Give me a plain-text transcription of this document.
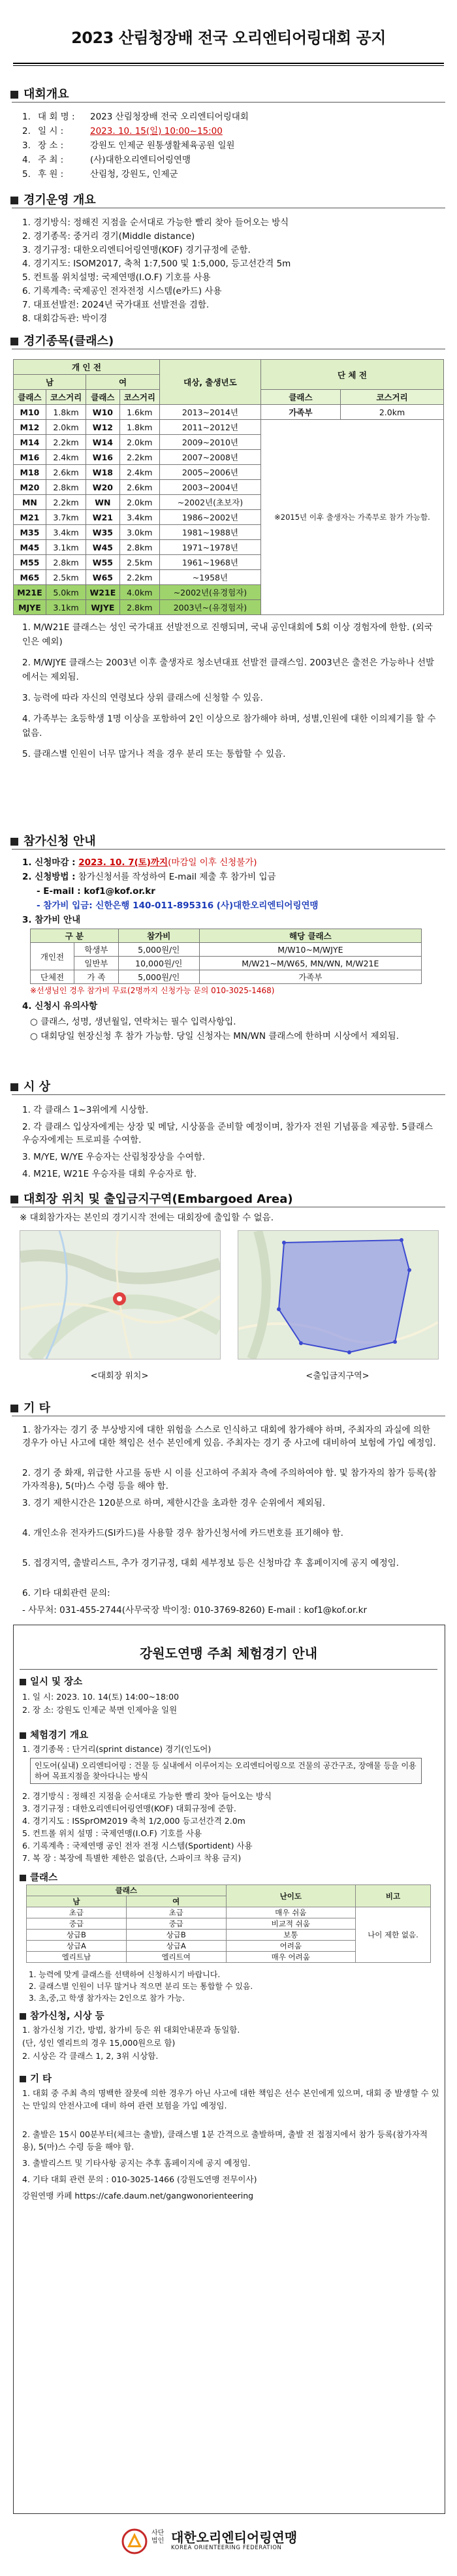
2023 산림청장배 전국 오리엔티어링대회 공지
대회개요
1. 대 회 명 : 2023 산림청장배 전국 오리엔티어링대회
2. 일 시 :	2023. 10. 15(일) 10:00~15:00
3. 장 소 :	강원도 인제군 원통생활체육공원 일원
4. 주 최 :	(사)대한오리엔티어링연맹
5. 후 원 :	산림청, 강원도, 인제군
경기운영 개요
1. 경기방식: 정해진 지점을 순서대로 가능한 빨리 찾아 들어오는 방식
2. 경기종목: 중거리 경기(Middle distance)
3. 경기규정: 대한오리엔티어링연맹(KOF) 경기규정에 준함.
4. 경기지도: ISOM2017, 축척 1:7,500 및 1:5,000, 등고선간격 5m
5. 컨트롤 위치설명: 국제연맹(I.O.F) 기호를 사용
6. 기록계측: 국제공인 전자전정 시스템(e카드) 사용
7. 대표선발전: 2024년 국가대표 선발전을 겸함.
8. 대회감독관: 박이경
경기종목(클래스)
개 인 전				대상, 출생년도	단 체 전	
남		여				
클래스	코스거리	클래스	코스거리		클래스	코스거리
M10	1.8km	W10	1.6km	2013~2014년	가족부	2.0km
M12	2.0km	W12	1.8km	2011~2012년	※2015년 이후 출생자는 가족부로 참가 가능함.	
M14	2.2km	W14	2.0km	2009~2010년		
M16	2.4km	W16	2.2km	2007~2008년		
M18	2.6km	W18	2.4km	2005~2006년		
M20	2.8km	W20	2.6km	2003~2004년		
MN	2.2km	WN	2.0km	~2002년(초보자)		
M21	3.7km	W21	3.4km	1986~2002년		
M35	3.4km	W35	3.0km	1981~1988년		
M45	3.1km	W45	2.8km	1971~1978년		
M55	2.8km	W55	2.5km	1961~1968년		
M65	2.5km	W65	2.2km	~1958년		
M21E	5.0km	W21E	4.0km	~2002년(유경험자)		
MJYE	3.1km	WJYE	2.8km	2003년~(유경험자)		
1. M/W21E 클래스는 성인 국가대표 선발전으로 진행되며, 국내 공인대회에 5회 이상 경험자에 한함. (외국인은 예외)
2. M/WJYE 클래스는 2003년 이후 출생자로 청소년대표 선발전 클래스임. 2003년은 출전은 가능하나 선발에서는 제외됨.
3. 능력에 따라 자신의 연령보다 상위 클래스에 신청할 수 있음.
4. 가족부는 초등학생 1명 이상을 포함하여 2인 이상으로 참가해야 하며, 성별,인원에 대한 이의제기를 할 수 없음.
5. 클래스별 인원이 너무 많거나 적을 경우 분리 또는 통합할 수 있음.
참가신청 안내
1. 신청마감 : 2023. 10. 7(토)까지(마감일 이후 신청불가)
2. 신청방법 : 참가신청서를 작성하여 E-mail 제출 후 참가비 입금
- E-mail : kof1@kof.or.kr
- 참가비 입금: 신한은행 140-011-895316 (사)대한오리엔티어링연맹
3. 참가비 안내
구 분		참가비	해당 클래스
개인전	학생부	5,000원/인	M/W10~M/WJYE
	일반부	10,000원/인	M/W21~M/W65, MN/WN, M/W21E
단체전	가 족	5,000원/인	가족부
※선생님인 경우 참가비 무료(2명까지 신청가능 문의 010-3025-1468)
4. 신청시 유의사항
○ 클래스, 성명, 생년월일, 연락처는 필수 입력사항입.
○ 대회당일 현장신청 후 참가 가능함. 당일 신청자는 MN/WN 클래스에 한하며 시상에서 제외됨.
시 상
1. 각 클래스 1~3위에게 시상함.
2. 각 클래스 입상자에게는 상장 및 메달, 시상품을 준비할 예정이며, 참가자 전원 기념품을 제공함. 5클래스 우승자에게는 트로피를 수여함.
3. M/YE, W/YE 우승자는 산림청장상을 수여함.
4. M21E, W21E 우승자를 대회 우승자로 함.
대회장 위치 및 출입금지구역(Embargoed Area)
※ 대회참가자는 본인의 경기시작 전에는 대회장에 출입할 수 없음.
<대회장 위치>	<출입금지구역>
기 타
1. 참가자는 경기 중 부상방지에 대한 위험을 스스로 인식하고 대회에 참가해야 하며, 주최자의 과실에 의한 경우가 아닌 사고에 대한 책임은 선수 본인에게 있음. 주최자는 경기 중 사고에 대비하여 보험에 가입 예정임.
2. 경기 중 화재, 위급한 사고를 동반 시 이를 신고하여 주최자 측에 주의하여야 함. 및 참가자의 참가 등록(참가자적용), 5(마)스 수령 등을 해야 함.
3. 경기 제한시간은 120분으로 하며, 제한시간을 초과한 경우 순위에서 제외됨.
4. 개인소유 전자카드(SI카드)를 사용할 경우 참가신청서에 카드번호를 표기해야 함.
5. 접경지역, 출발리스트, 추가 경기규정, 대회 세부정보 등은 신청마감 후 홈페이지에 공지 예정임.
6. 기타 대회관련 문의:
- 사무처: 031-455-2744(사무국장 박이정: 010-3769-8260) E-mail : kof1@kof.or.kr
강원도연맹 주최 체험경기 안내
일시 및 장소
1. 일 시: 2023. 10. 14(토) 14:00~18:00
2. 장 소: 강원도 인제군 북면 인제아울 일원
체험경기 개요
1. 경기종목 : 단거리(sprint distance) 경기(인도어)
인도어(실내) 오리엔티어링 : 건물 등 실내에서 이루어지는 오리엔티어링으로 건물의 공간구조, 장애물 등을 이용하여 목표지점을 찾아다니는 방식
2. 경기방식 : 정해진 지점을 순서대로 가능한 빨리 찾아 들어오는 방식
3. 경기규정 : 대한오리엔티어링연맹(KOF) 대회규정에 준함.
4. 경기지도 : ISSprOM2019 축척 1/2,000 등고선간격 2.0m
5. 컨트롤 위치 설명 : 국제연맹(I.O.F) 기호를 사용
6. 기록계측 : 국제연맹 공인 전자 전정 시스템(Sportident) 사용
7. 복 장 : 복장에 특별한 제한은 없음(단, 스파이크 착용 금지)
클래스
클래스		난이도	비고
남	여		
초급	초급	매우 쉬움	나이 제한 없음.
중급	중급	비교적 쉬움	
상급B	상급B	보통	
상급A	상급A	어려움	
엘리트남	엘리트여	매우 어려움	
1. 능력에 맞게 클래스를 선택하여 신청하시기 바랍니다.
2. 클래스별 인원이 너무 많거나 적으면 분리 또는 통합할 수 있음.
3. 초,중,고 학생 참가자는 2인으로 참가 가능.
참가신청, 시상 등
1. 참가신청 기간, 방법, 참가비 등은 위 대회안내문과 동일함.
(단, 성인 엘리트의 경우 15,000원으로 함)
2. 시상은 각 클래스 1, 2, 3위 시상함.
기 타
1. 대회 중 주최 측의 명백한 잘못에 의한 경우가 아닌 사고에 대한 책임은 선수 본인에게 있으며, 대회 중 발생할 수 있는 만일의 안전사고에 대비 하여 관련 보험을 가입 예정임.
2. 출발은 15시 00분부터(체크는 출발), 클래스별 1분 간격으로 출발하며, 출발 전 접점지에서 참가 등록(참가자적용), 5(마)스 수령 등을 해야 함.
3. 출발리스트 및 기타사항 공지는 추후 홈페이지에 공지 예정임.
4. 기타 대회 관련 문의 : 010-3025-1466 (강원도연맹 전무이사)
강원연맹 카페 https://cafe.daum.net/gangwonorienteering
사단법인 대한오리엔티어링연맹
KOREA ORIENTEERING FEDERATION
